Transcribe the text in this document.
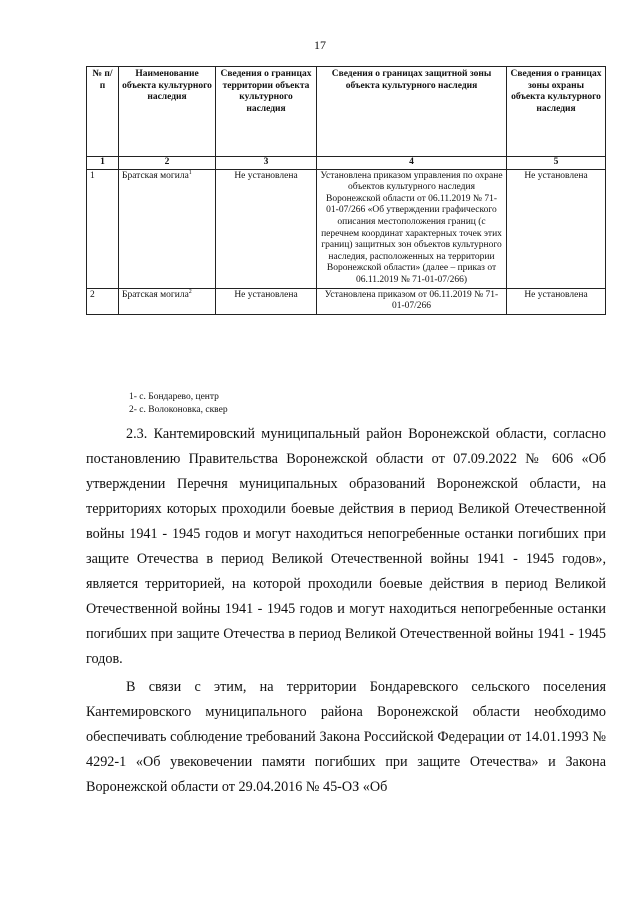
17
№ п/п	Наименование объекта культурного наследия	Сведения о границах территории объекта культурного наследия	Сведения о границах защитной зоны объекта культурного наследия	Сведения о границах зоны охраны объекта культурного наследия
1	2	3	4	5
1	Братская могила$^1$	Не установлена	Установлена приказом управления по охране объектов культурного наследия Воронежской области от 06.11.2019 № 71-01-07/266 «Об утверждении графического описания местоположения границ (с перечнем координат характерных точек этих границ) защитных зон объектов культурного наследия, расположенных на территории Воронежской области» (далее – приказ от 06.11.2019 № 71-01-07/266)	Не установлена
2	Братская могила$^2$	Не установлена	Установлена приказом от 06.11.2019 № 71-01-07/266	Не установлена
1- с. Бондарево, центр
2- с. Волоконовка, сквер

2.3. Кантемировский муниципальный район Воронежской области, согласно постановлению Правительства Воронежской области от 07.09.2022 № 606 «Об утверждении Перечня муниципальных образований Воронежской области, на территориях которых проходили боевые действия в период Великой Отечественной войны 1941 - 1945 годов и могут находиться непогребенные останки погибших при защите Отечества в период Великой Отечественной войны 1941 - 1945 годов», является территорией, на которой проходили боевые действия в период Великой Отечественной войны 1941 - 1945 годов и могут находиться непогребенные останки погибших при защите Отечества в период Великой Отечественной войны 1941 - 1945 годов.

В связи с этим, на территории Бондаревского сельского поселения Кантемировского муниципального района Воронежской области необходимо обеспечивать соблюдение требований Закона Российской Федерации от 14.01.1993 № 4292-1 «Об увековечении памяти погибших при защите Отечества» и Закона Воронежской области от 29.04.2016 № 45-ОЗ «Об
